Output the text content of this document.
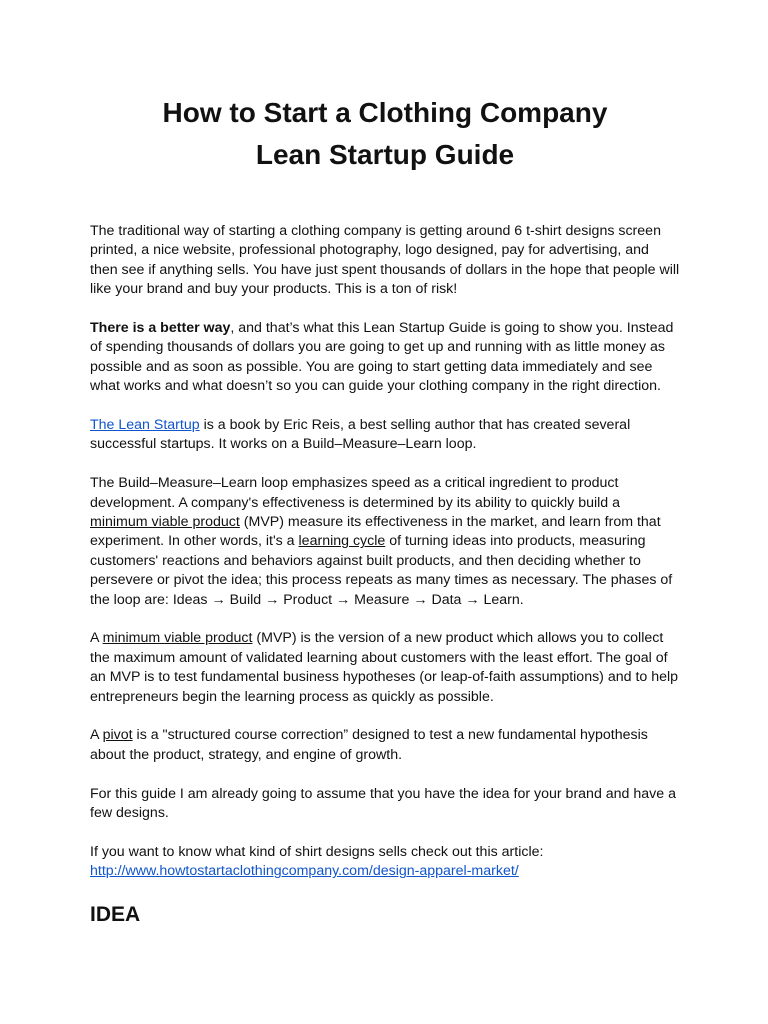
How to Start a Clothing Company
Lean Startup Guide

The traditional way of starting a clothing company is getting around 6 t-shirt designs screen printed, a nice website, professional photography, logo designed, pay for advertising, and then see if anything sells. You have just spent thousands of dollars in the hope that people will like your brand and buy your products. This is a ton of risk!

There is a better way, and that’s what this Lean Startup Guide is going to show you. Instead of spending thousands of dollars you are going to get up and running with as little money as possible and as soon as possible. You are going to start getting data immediately and see what works and what doesn’t so you can guide your clothing company in the right direction.

The Lean Startup is a book by Eric Reis, a best selling author that has created several successful startups. It works on a Build–Measure–Learn loop.

The Build–Measure–Learn loop emphasizes speed as a critical ingredient to product development. A company's effectiveness is determined by its ability to quickly build a minimum viable product (MVP) measure its effectiveness in the market, and learn from that experiment. In other words, it's a learning cycle of turning ideas into products, measuring customers' reactions and behaviors against built products, and then deciding whether to persevere or pivot the idea; this process repeats as many times as necessary. The phases of the loop are: Ideas → Build → Product → Measure → Data → Learn.

A minimum viable product (MVP) is the version of a new product which allows you to collect the maximum amount of validated learning about customers with the least effort. The goal of an MVP is to test fundamental business hypotheses (or leap-of-faith assumptions) and to help entrepreneurs begin the learning process as quickly as possible.

A pivot is a "structured course correction” designed to test a new fundamental hypothesis about the product, strategy, and engine of growth.

For this guide I am already going to assume that you have the idea for your brand and have a few designs.

If you want to know what kind of shirt designs sells check out this article:
http://www.howtostartaclothingcompany.com/design-apparel-market/

IDEA
